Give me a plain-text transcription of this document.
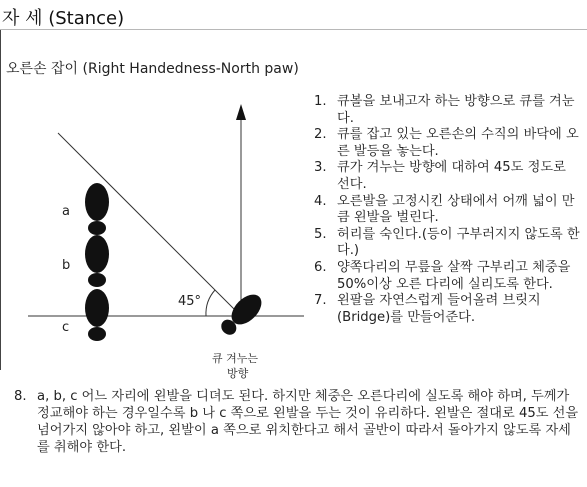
자 세 (Stance)
오른손 잡이 (Right Handedness-North paw)
a
b
c
45°
큐 겨누는
방향
1. 큐볼을 보내고자 하는 방향으로 큐를 겨눈다.
2. 큐를 잡고 있는 오른손의 수직의 바닥에 오른 발등을 놓는다.
3. 큐가 겨누는 방향에 대하여 45도 정도로 선다.
4. 오른발을 고정시킨 상태에서 어깨 넓이 만큼 왼발을 벌린다.
5. 허리를 숙인다.(등이 구부러지지 않도록 한다.)
6. 양쪽다리의 무릎을 살짝 구부리고 체중을 50%이상 오른 다리에 실리도록 한다.
7. 왼팔을 자연스럽게 들어올려 브릿지(Bridge)를 만들어준다.
8. a, b, c 어느 자리에 왼발을 디뎌도 된다. 하지만 체중은 오른다리에 실도록 해야 하며, 두께가 정교해야 하는 경우일수록 b 나 c 쪽으로 왼발을 두는 것이 유리하다. 왼발은 절대로 45도 선을 넘어가지 않아야 하고, 왼발이 a 쪽으로 위치한다고 해서 골반이 따라서 돌아가지 않도록 자세를 취해야 한다.
